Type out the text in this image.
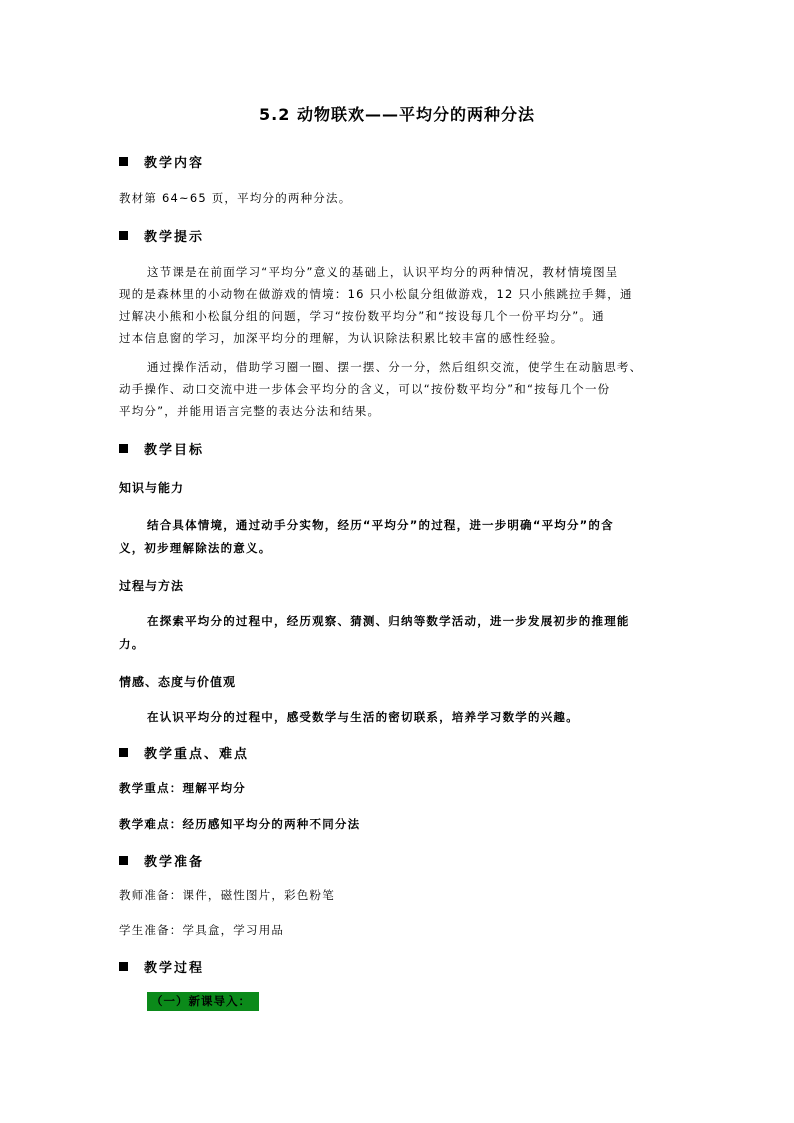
5.2 动物联欢——平均分的两种分法
教学内容
教材第 64~65 页，平均分的两种分法。
教学提示
这节课是在前面学习“平均分”意义的基础上，认识平均分的两种情况，教材情境图呈
现的是森林里的小动物在做游戏的情境：16 只小松鼠分组做游戏，12 只小熊跳拉手舞，通
过解决小熊和小松鼠分组的问题，学习“按份数平均分”和“按设每几个一份平均分”。通
过本信息窗的学习，加深平均分的理解，为认识除法积累比较丰富的感性经验。
通过操作活动，借助学习圈一圈、摆一摆、分一分，然后组织交流，使学生在动脑思考、
动手操作、动口交流中进一步体会平均分的含义，可以“按份数平均分”和“按每几个一份
平均分”，并能用语言完整的表达分法和结果。
教学目标
知识与能力
结合具体情境，通过动手分实物，经历“平均分”的过程，进一步明确“平均分”的含
义，初步理解除法的意义。
过程与方法
在探索平均分的过程中，经历观察、猜测、归纳等数学活动，进一步发展初步的推理能
力。
情感、态度与价值观
在认识平均分的过程中，感受数学与生活的密切联系，培养学习数学的兴趣。
教学重点、难点
教学重点：理解平均分
教学难点：经历感知平均分的两种不同分法
教学准备
教师准备：课件，磁性图片，彩色粉笔
学生准备：学具盒，学习用品
教学过程
（一）新课导入：
